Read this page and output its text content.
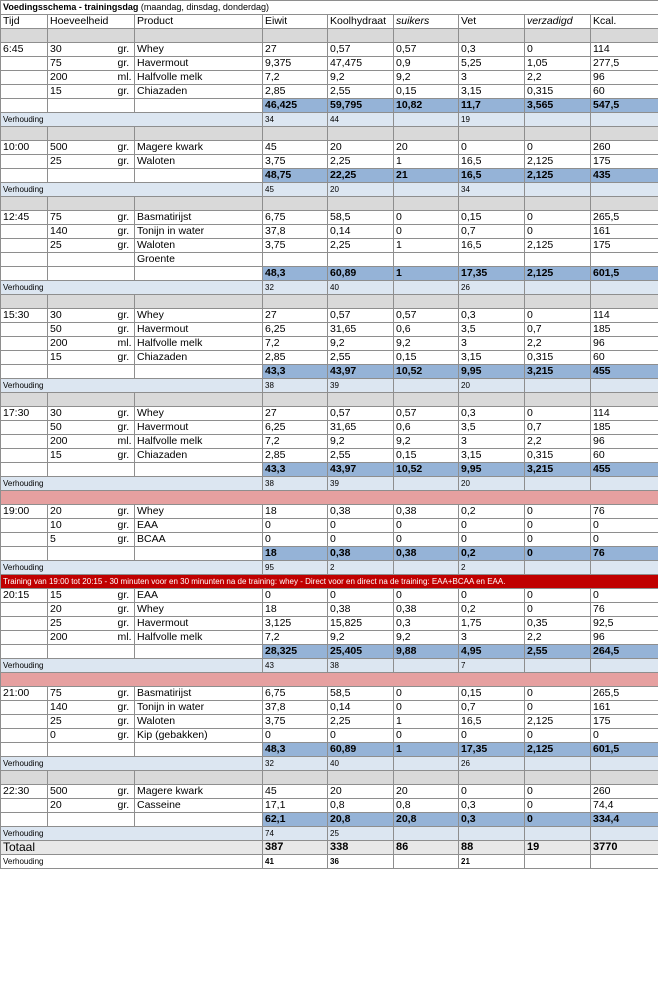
Voedingsschema - trainingsdag (maandag, dinsdag, donderdag)									
Tijd	Hoeveelheid		Product	Eiwit	Koolhydraat	suikers	Vet	verzadigd	Kcal.

6:45	30	gr.	Whey	27	0,57	0,57	0,3	0	114
	75	gr.	Havermout	9,375	47,475	0,9	5,25	1,05	277,5
	200	ml.	Halfvolle melk	7,2	9,2	9,2	3	2,2	96
	15	gr.	Chiazaden	2,85	2,55	0,15	3,15	0,315	60
				46,425	59,795	10,82	11,7	3,565	547,5
Verhouding				34	44		19		

10:00	500	gr.	Magere kwark	45	20	20	0	0	260
	25	gr.	Waloten	3,75	2,25	1	16,5	2,125	175
				48,75	22,25	21	16,5	2,125	435
Verhouding				45	20		34		

12:45	75	gr.	Basmatirijst	6,75	58,5	0	0,15	0	265,5
	140	gr.	Tonijn in water	37,8	0,14	0	0,7	0	161
	25	gr.	Waloten	3,75	2,25	1	16,5	2,125	175
			Groente						
				48,3	60,89	1	17,35	2,125	601,5
Verhouding				32	40		26		

15:30	30	gr.	Whey	27	0,57	0,57	0,3	0	114
	50	gr.	Havermout	6,25	31,65	0,6	3,5	0,7	185
	200	ml.	Halfvolle melk	7,2	9,2	9,2	3	2,2	96
	15	gr.	Chiazaden	2,85	2,55	0,15	3,15	0,315	60
				43,3	43,97	10,52	9,95	3,215	455
Verhouding				38	39		20		

17:30	30	gr.	Whey	27	0,57	0,57	0,3	0	114
	50	gr.	Havermout	6,25	31,65	0,6	3,5	0,7	185
	200	ml.	Halfvolle melk	7,2	9,2	9,2	3	2,2	96
	15	gr.	Chiazaden	2,85	2,55	0,15	3,15	0,315	60
				43,3	43,97	10,52	9,95	3,215	455
Verhouding				38	39		20		

19:00	20	gr.	Whey	18	0,38	0,38	0,2	0	76
	10	gr.	EAA	0	0	0	0	0	0
	5	gr.	BCAA	0	0	0	0	0	0
				18	0,38	0,38	0,2	0	76
Verhouding				95	2		2		
Training van 19:00 tot 20:15 - 30 minuten voor en 30 minunten na de training: whey - Direct voor en direct na de training: EAA+BCAA en EAA.									
20:15	15	gr.	EAA	0	0	0	0	0	0
	20	gr.	Whey	18	0,38	0,38	0,2	0	76
	25	gr.	Havermout	3,125	15,825	0,3	1,75	0,35	92,5
	200	ml.	Halfvolle melk	7,2	9,2	9,2	3	2,2	96
				28,325	25,405	9,88	4,95	2,55	264,5
Verhouding				43	38		7		

21:00	75	gr.	Basmatirijst	6,75	58,5	0	0,15	0	265,5
	140	gr.	Tonijn in water	37,8	0,14	0	0,7	0	161
	25	gr.	Waloten	3,75	2,25	1	16,5	2,125	175
	0	gr.	Kip (gebakken)	0	0	0	0	0	0
				48,3	60,89	1	17,35	2,125	601,5
Verhouding				32	40		26		

22:30	500	gr.	Magere kwark	45	20	20	0	0	260
	20	gr.	Casseine	17,1	0,8	0,8	0,3	0	74,4
				62,1	20,8	20,8	0,3	0	334,4
Verhouding				74	25				
Totaal				387	338	86	88	19	3770
Verhouding				41	36		21		
